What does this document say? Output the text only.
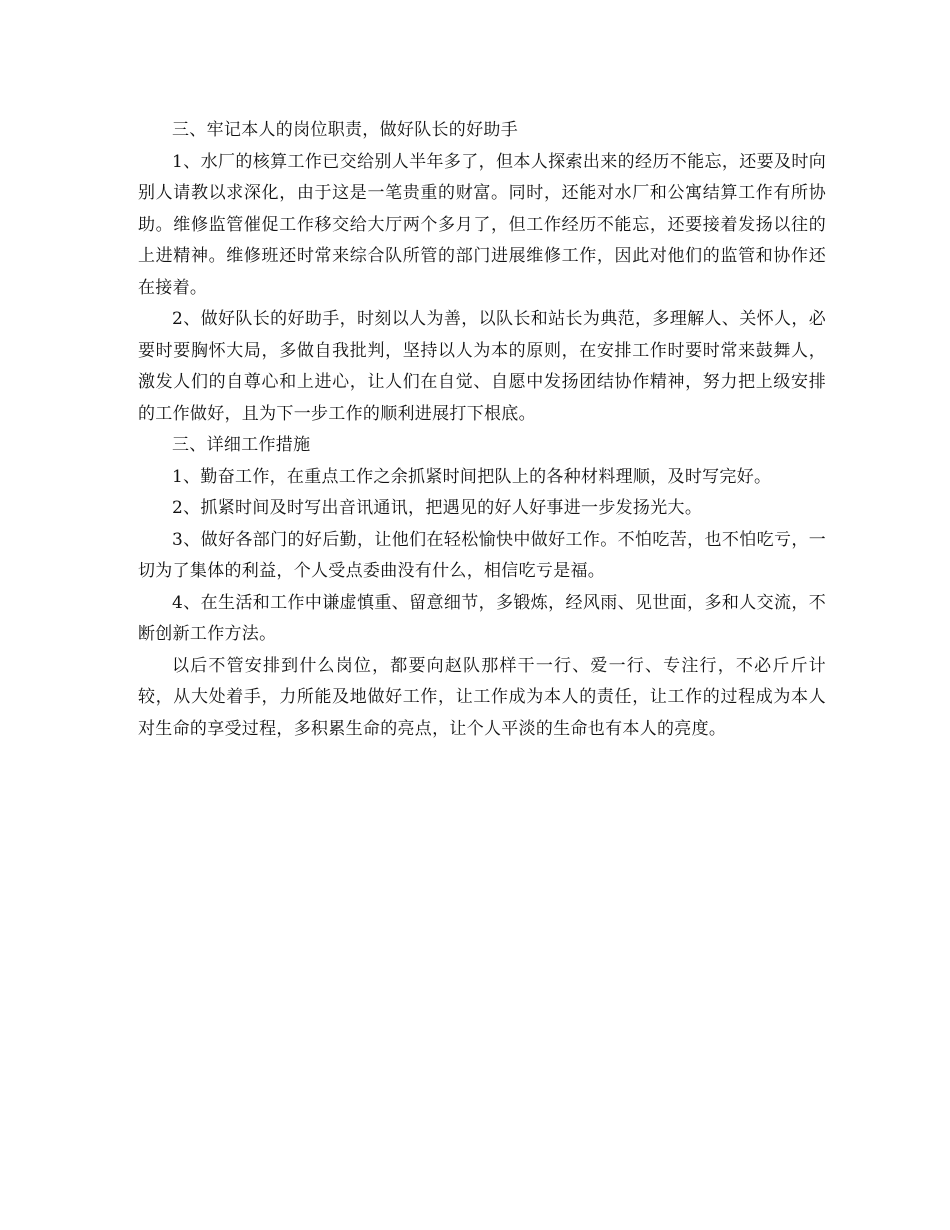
三、牢记本人的岗位职责，做好队长的好助手

1、水厂的核算工作已交给别人半年多了，但本人探索出来的经历不能忘，还要及时向别人请教以求深化，由于这是一笔贵重的财富。同时，还能对水厂和公寓结算工作有所协助。维修监管催促工作移交给大厅两个多月了，但工作经历不能忘，还要接着发扬以往的上进精神。维修班还时常来综合队所管的部门进展维修工作，因此对他们的监管和协作还在接着。

2、做好队长的好助手，时刻以人为善，以队长和站长为典范，多理解人、关怀人，必要时要胸怀大局，多做自我批判，坚持以人为本的原则，在安排工作时要时常来鼓舞人，激发人们的自尊心和上进心，让人们在自觉、自愿中发扬团结协作精神，努力把上级安排的工作做好，且为下一步工作的顺利进展打下根底。

三、详细工作措施

1、勤奋工作，在重点工作之余抓紧时间把队上的各种材料理顺，及时写完好。

2、抓紧时间及时写出音讯通讯，把遇见的好人好事进一步发扬光大。

3、做好各部门的好后勤，让他们在轻松愉快中做好工作。不怕吃苦，也不怕吃亏，一切为了集体的利益，个人受点委曲没有什么，相信吃亏是福。

4、在生活和工作中谦虚慎重、留意细节，多锻炼，经风雨、见世面，多和人交流，不断创新工作方法。

以后不管安排到什么岗位，都要向赵队那样干一行、爱一行、专注行，不必斤斤计较，从大处着手，力所能及地做好工作，让工作成为本人的责任，让工作的过程成为本人对生命的享受过程，多积累生命的亮点，让个人平淡的生命也有本人的亮度。
